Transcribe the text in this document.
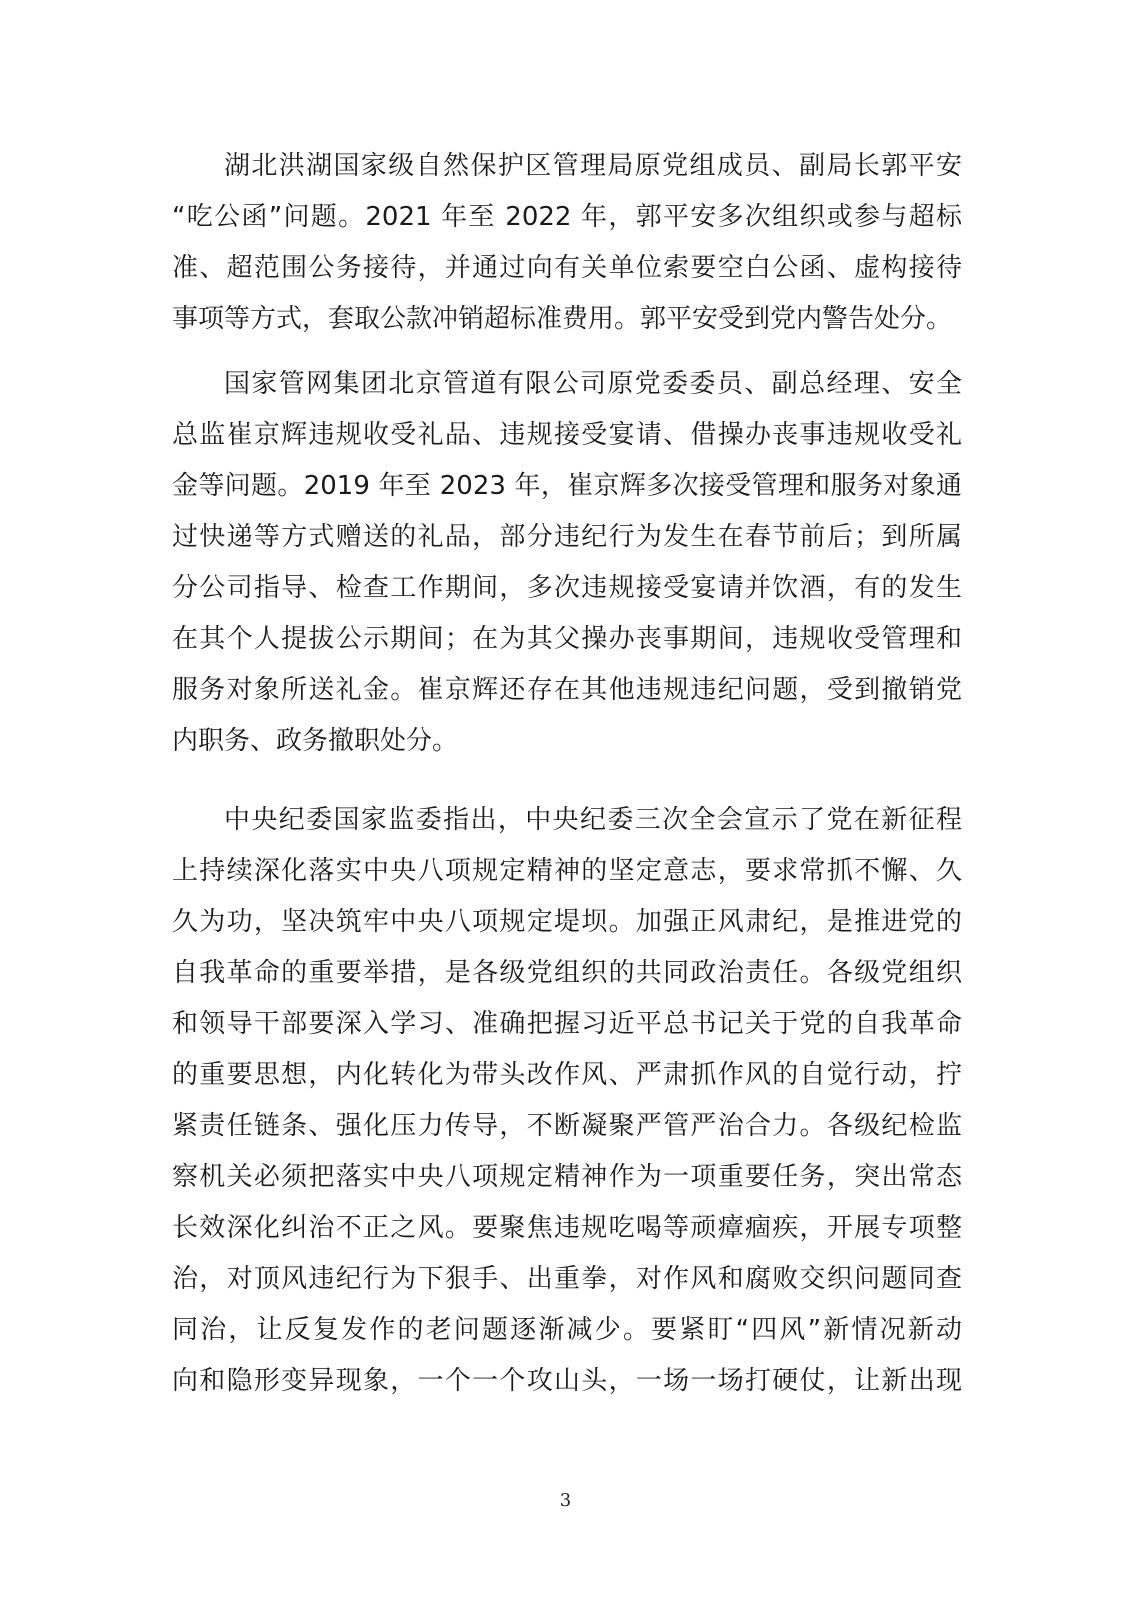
湖北洪湖国家级自然保护区管理局原党组成员、副局长郭平安
“吃公函”问题。2021 年至 2022 年，郭平安多次组织或参与超标
准、超范围公务接待，并通过向有关单位索要空白公函、虚构接待
事项等方式，套取公款冲销超标准费用。郭平安受到党内警告处分。
国家管网集团北京管道有限公司原党委委员、副总经理、安全
总监崔京辉违规收受礼品、违规接受宴请、借操办丧事违规收受礼
金等问题。2019 年至 2023 年，崔京辉多次接受管理和服务对象通
过快递等方式赠送的礼品，部分违纪行为发生在春节前后；到所属
分公司指导、检查工作期间，多次违规接受宴请并饮酒，有的发生
在其个人提拔公示期间；在为其父操办丧事期间，违规收受管理和
服务对象所送礼金。崔京辉还存在其他违规违纪问题，受到撤销党
内职务、政务撤职处分。
中央纪委国家监委指出，中央纪委三次全会宣示了党在新征程
上持续深化落实中央八项规定精神的坚定意志，要求常抓不懈、久
久为功，坚决筑牢中央八项规定堤坝。加强正风肃纪，是推进党的
自我革命的重要举措，是各级党组织的共同政治责任。各级党组织
和领导干部要深入学习、准确把握习近平总书记关于党的自我革命
的重要思想，内化转化为带头改作风、严肃抓作风的自觉行动，拧
紧责任链条、强化压力传导，不断凝聚严管严治合力。各级纪检监
察机关必须把落实中央八项规定精神作为一项重要任务，突出常态
长效深化纠治不正之风。要聚焦违规吃喝等顽瘴痼疾，开展专项整
治，对顶风违纪行为下狠手、出重拳，对作风和腐败交织问题同查
同治，让反复发作的老问题逐渐减少。要紧盯“四风”新情况新动
向和隐形变异现象，一个一个攻山头，一场一场打硬仗，让新出现
3
